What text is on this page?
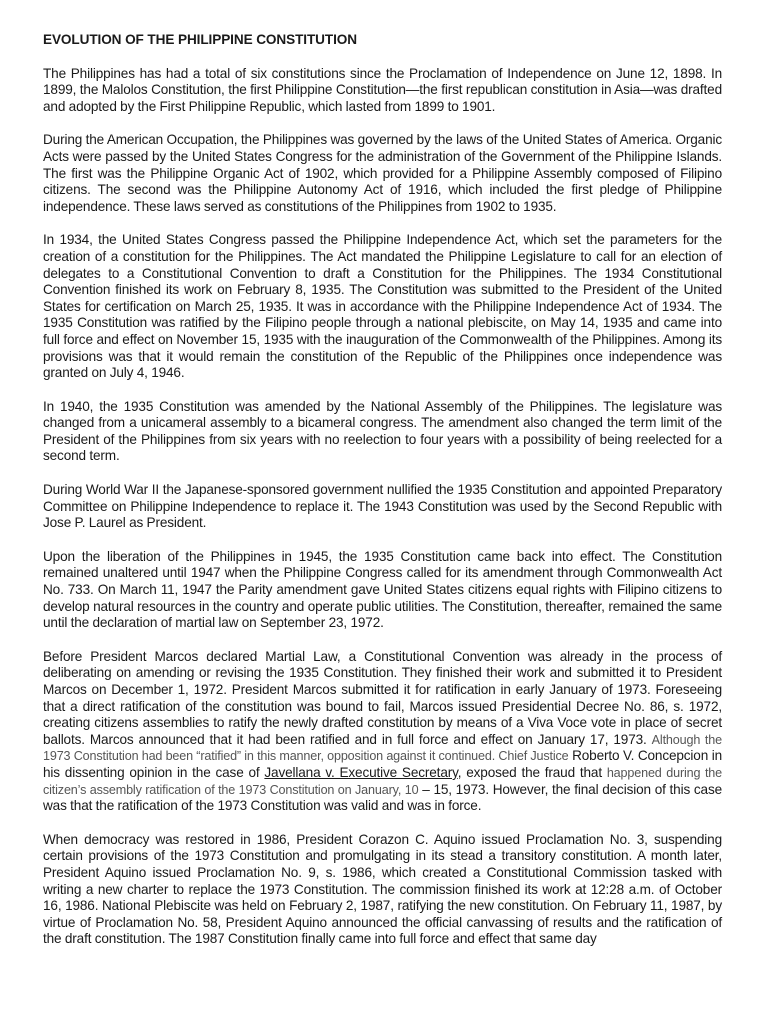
EVOLUTION OF THE PHILIPPINE CONSTITUTION

The Philippines has had a total of six constitutions since the Proclamation of Independence on June 12, 1898. In 1899, the Malolos Constitution, the first Philippine Constitution—the first republican constitution in Asia—was drafted and adopted by the First Philippine Republic, which lasted from 1899 to 1901.

During the American Occupation, the Philippines was governed by the laws of the United States of America. Organic Acts were passed by the United States Congress for the administration of the Government of the Philippine Islands. The first was the Philippine Organic Act of 1902, which provided for a Philippine Assembly composed of Filipino citizens. The second was the Philippine Autonomy Act of 1916, which included the first pledge of Philippine independence. These laws served as constitutions of the Philippines from 1902 to 1935.

In 1934, the United States Congress passed the Philippine Independence Act, which set the parameters for the creation of a constitution for the Philippines. The Act mandated the Philippine Legislature to call for an election of delegates to a Constitutional Convention to draft a Constitution for the Philippines. The 1934 Constitutional Convention finished its work on February 8, 1935. The Constitution was submitted to the President of the United States for certification on March 25, 1935. It was in accordance with the Philippine Independence Act of 1934. The 1935 Constitution was ratified by the Filipino people through a national plebiscite, on May 14, 1935 and came into full force and effect on November 15, 1935 with the inauguration of the Commonwealth of the Philippines. Among its provisions was that it would remain the constitution of the Republic of the Philippines once independence was granted on July 4, 1946.

In 1940, the 1935 Constitution was amended by the National Assembly of the Philippines. The legislature was changed from a unicameral assembly to a bicameral congress. The amendment also changed the term limit of the President of the Philippines from six years with no reelection to four years with a possibility of being reelected for a second term.

During World War II the Japanese-sponsored government nullified the 1935 Constitution and appointed Preparatory Committee on Philippine Independence to replace it. The 1943 Constitution was used by the Second Republic with Jose P. Laurel as President.

Upon the liberation of the Philippines in 1945, the 1935 Constitution came back into effect. The Constitution remained unaltered until 1947 when the Philippine Congress called for its amendment through Commonwealth Act No. 733. On March 11, 1947 the Parity amendment gave United States citizens equal rights with Filipino citizens to develop natural resources in the country and operate public utilities. The Constitution, thereafter, remained the same until the declaration of martial law on September 23, 1972.

Before President Marcos declared Martial Law, a Constitutional Convention was already in the process of deliberating on amending or revising the 1935 Constitution. They finished their work and submitted it to President Marcos on December 1, 1972. President Marcos submitted it for ratification in early January of 1973. Foreseeing that a direct ratification of the constitution was bound to fail, Marcos issued Presidential Decree No. 86, s. 1972, creating citizens assemblies to ratify the newly drafted constitution by means of a Viva Voce vote in place of secret ballots. Marcos announced that it had been ratified and in full force and effect on January 17, 1973. Although the 1973 Constitution had been “ratified” in this manner, opposition against it continued. Chief Justice Roberto V. Concepcion in his dissenting opinion in the case of Javellana v. Executive Secretary, exposed the fraud that happened during the citizen’s assembly ratification of the 1973 Constitution on January, 10 – 15, 1973. However, the final decision of this case was that the ratification of the 1973 Constitution was valid and was in force.

When democracy was restored in 1986, President Corazon C. Aquino issued Proclamation No. 3, suspending certain provisions of the 1973 Constitution and promulgating in its stead a transitory constitution. A month later, President Aquino issued Proclamation No. 9, s. 1986, which created a Constitutional Commission tasked with writing a new charter to replace the 1973 Constitution. The commission finished its work at 12:28 a.m. of October 16, 1986. National Plebiscite was held on February 2, 1987, ratifying the new constitution. On February 11, 1987, by virtue of Proclamation No. 58, President Aquino announced the official canvassing of results and the ratification of the draft constitution. The 1987 Constitution finally came into full force and effect that same day
